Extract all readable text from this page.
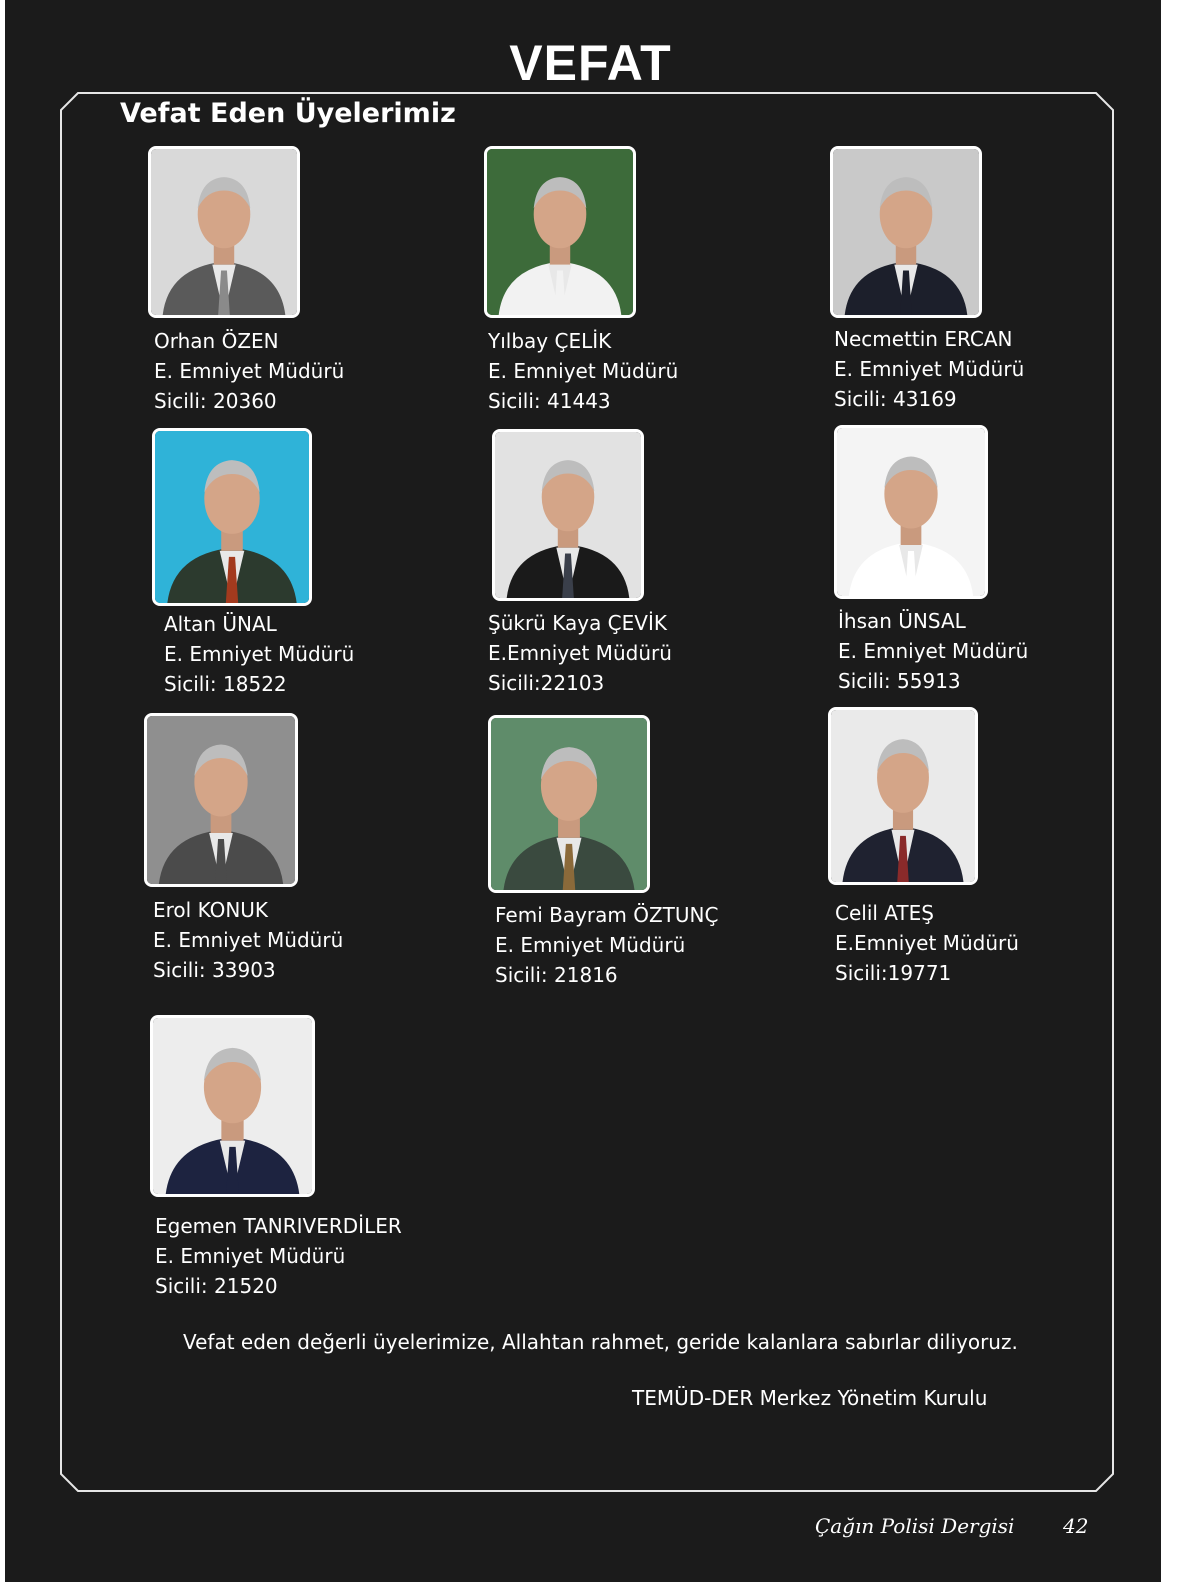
VEFAT
Vefat Eden Üyelerimiz
Orhan ÖZEN
E. Emniyet Müdürü
Sicili: 20360
Yılbay ÇELİK
E. Emniyet Müdürü
Sicili: 41443
Necmettin ERCAN
E. Emniyet Müdürü
Sicili: 43169
Altan ÜNAL
E. Emniyet Müdürü
Sicili: 18522
Şükrü Kaya ÇEVİK
E.Emniyet Müdürü
Sicili:22103
İhsan ÜNSAL
E. Emniyet Müdürü
Sicili: 55913
Erol KONUK
E. Emniyet Müdürü
Sicili: 33903
Femi Bayram ÖZTUNÇ
E. Emniyet Müdürü
Sicili: 21816
Celil ATEŞ
E.Emniyet Müdürü
Sicili:19771
Egemen TANRIVERDİLER
E. Emniyet Müdürü
Sicili: 21520
Vefat eden değerli üyelerimize, Allahtan rahmet, geride kalanlara sabırlar diliyoruz.
TEMÜD-DER Merkez Yönetim Kurulu
Çağın Polisi Dergisi 42
